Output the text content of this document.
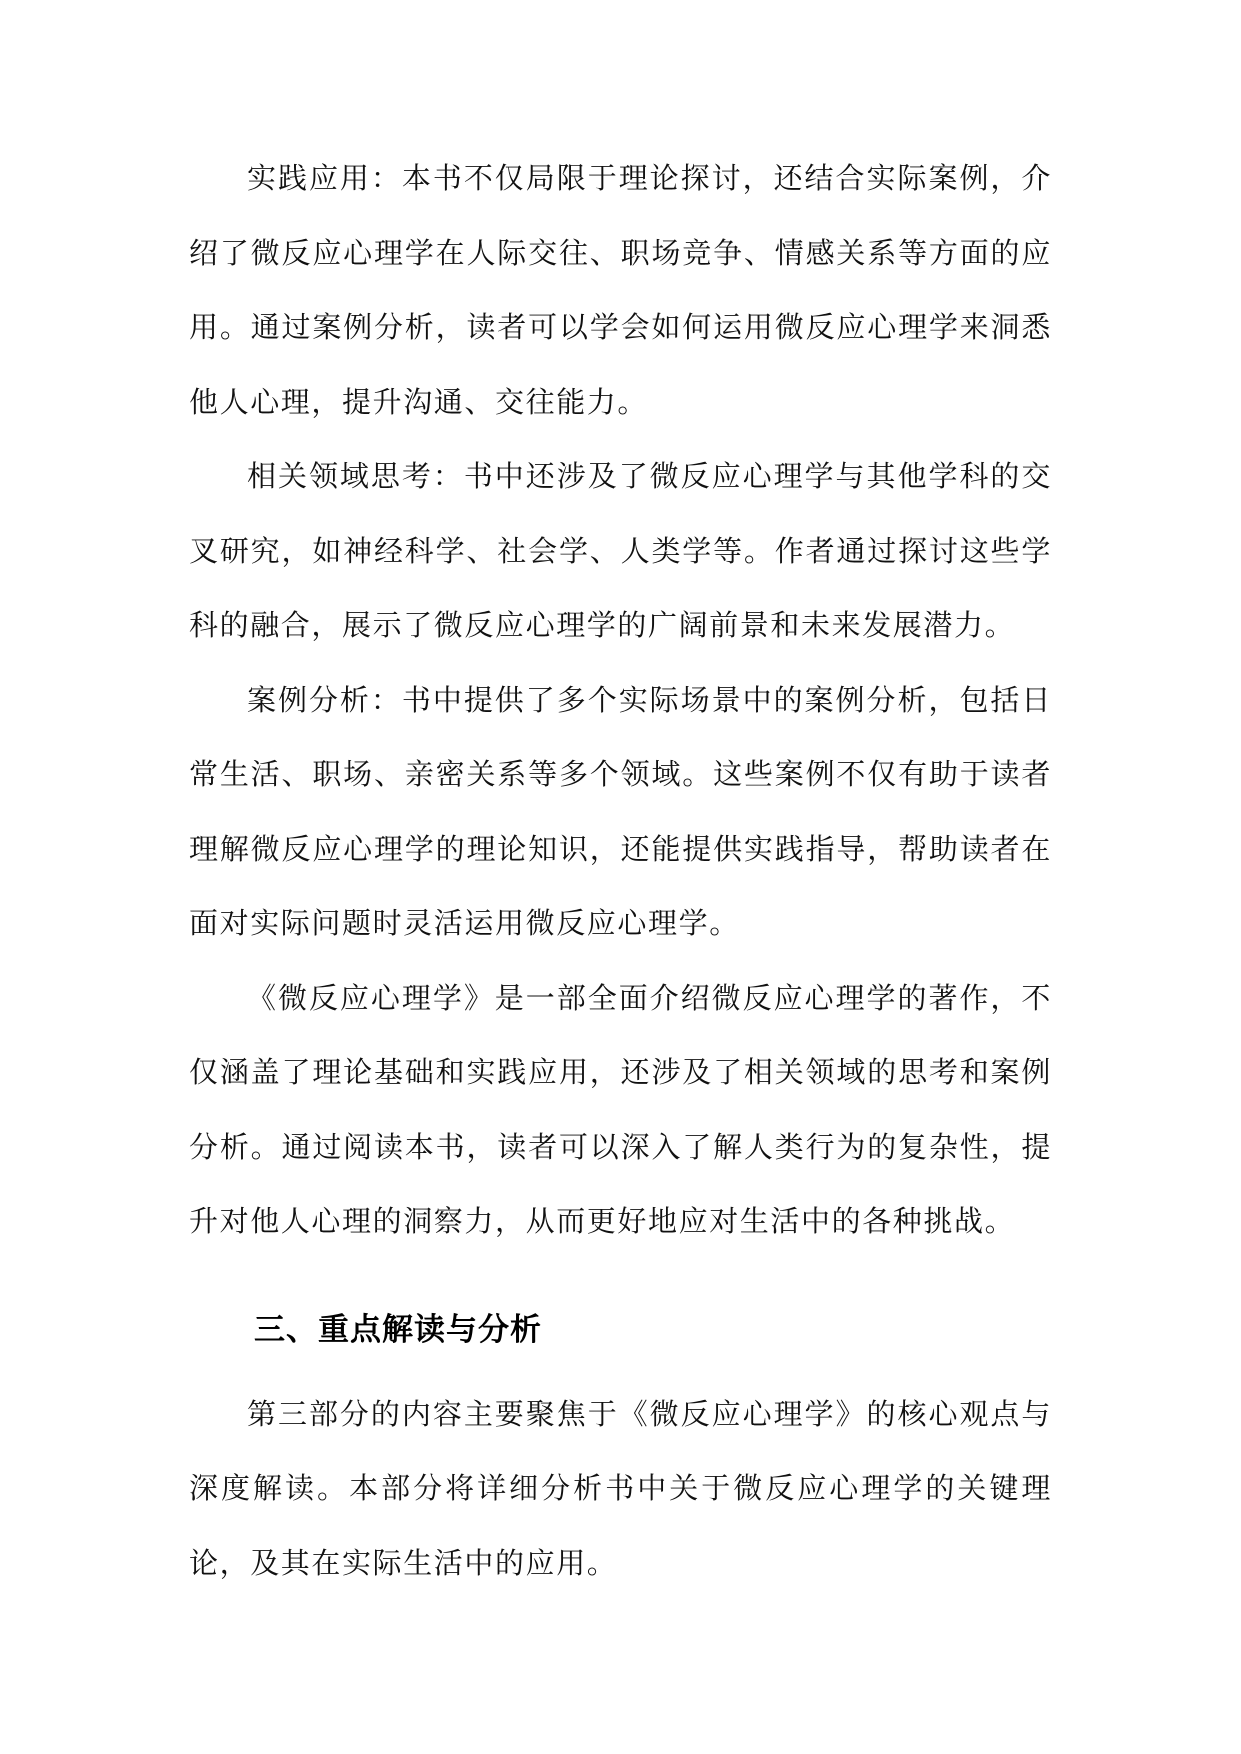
实践应用：本书不仅局限于理论探讨，还结合实际案例，介绍了微反应心理学在人际交往、职场竞争、情感关系等方面的应用。通过案例分析，读者可以学会如何运用微反应心理学来洞悉他人心理，提升沟通、交往能力。

相关领域思考：书中还涉及了微反应心理学与其他学科的交叉研究，如神经科学、社会学、人类学等。作者通过探讨这些学科的融合，展示了微反应心理学的广阔前景和未来发展潜力。

案例分析：书中提供了多个实际场景中的案例分析，包括日常生活、职场、亲密关系等多个领域。这些案例不仅有助于读者理解微反应心理学的理论知识，还能提供实践指导，帮助读者在面对实际问题时灵活运用微反应心理学。

《微反应心理学》是一部全面介绍微反应心理学的著作，不仅涵盖了理论基础和实践应用，还涉及了相关领域的思考和案例分析。通过阅读本书，读者可以深入了解人类行为的复杂性，提升对他人心理的洞察力，从而更好地应对生活中的各种挑战。

三、重点解读与分析

第三部分的内容主要聚焦于《微反应心理学》的核心观点与深度解读。本部分将详细分析书中关于微反应心理学的关键理论，及其在实际生活中的应用。
